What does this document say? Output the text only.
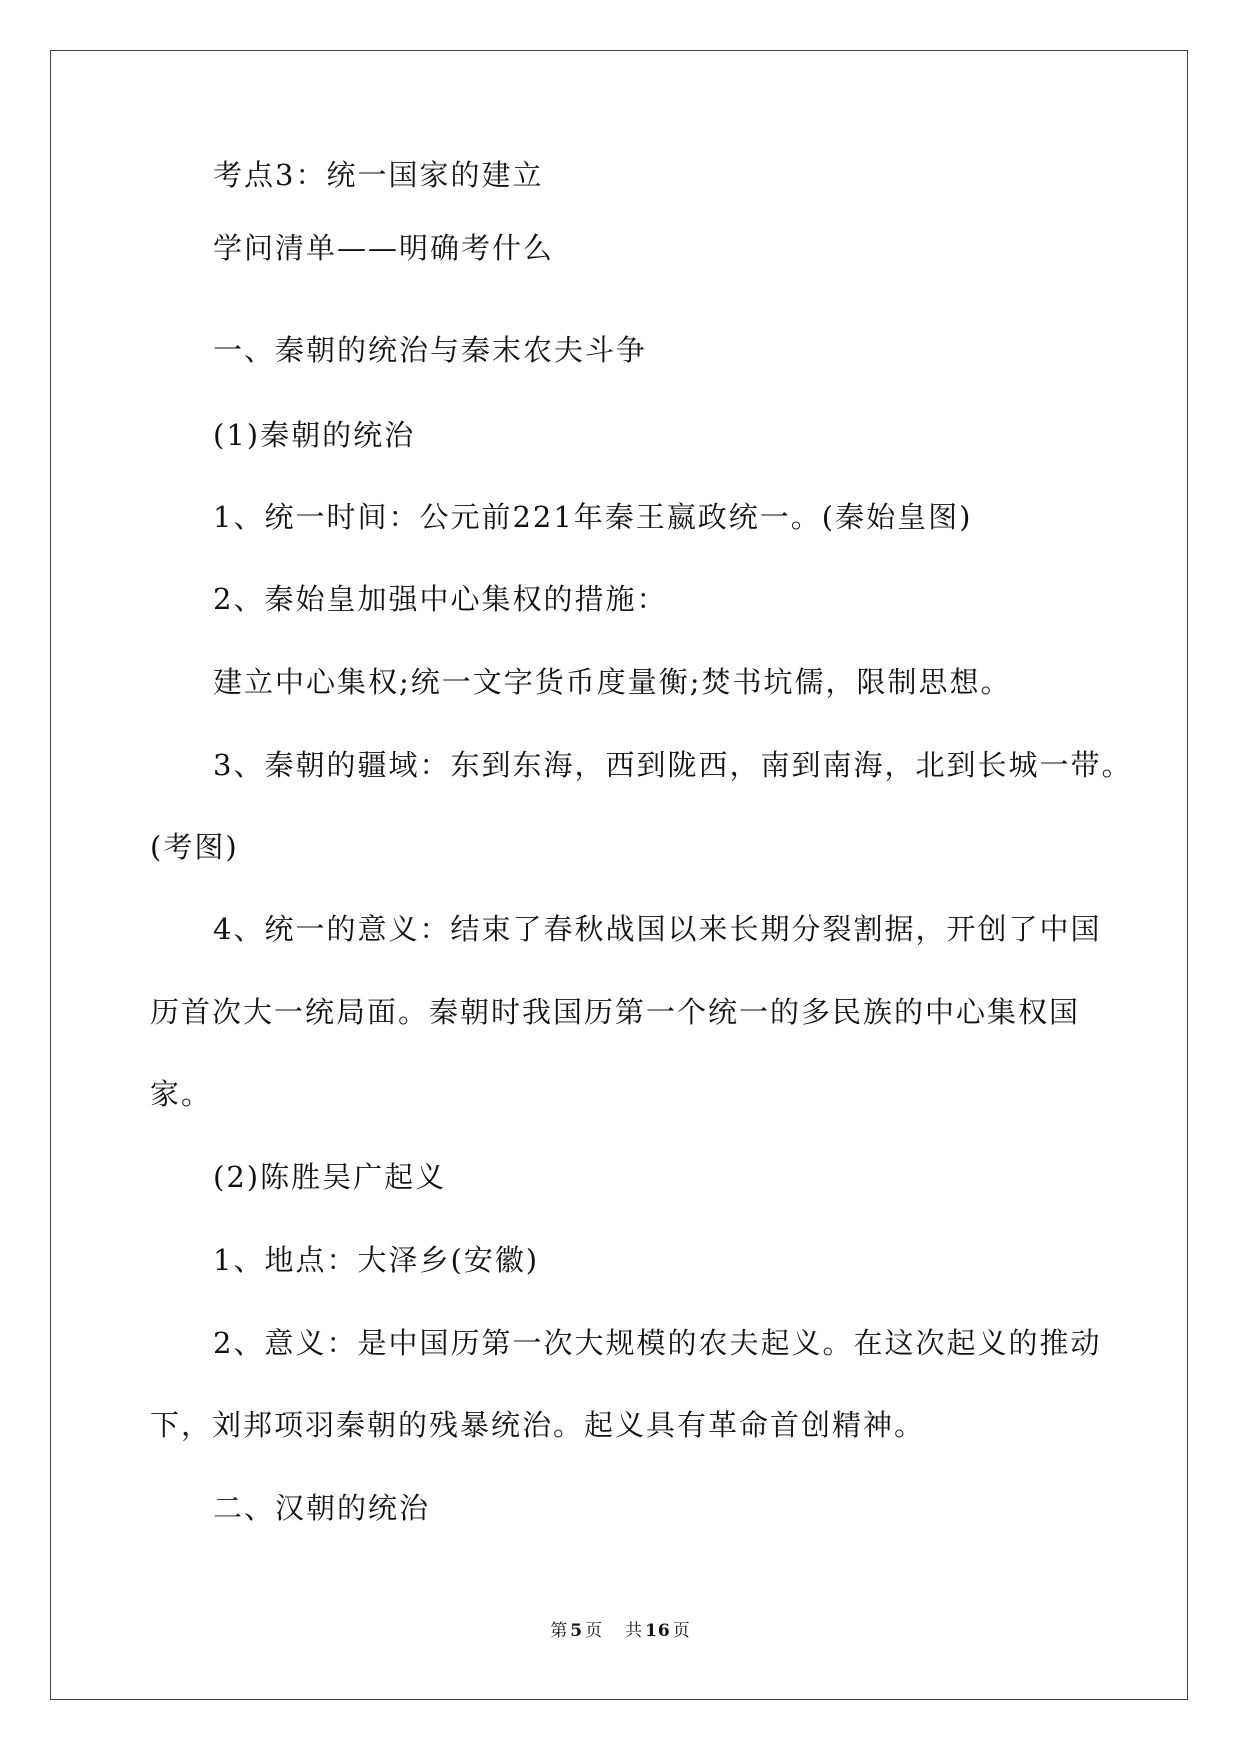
考点3：统一国家的建立
学问清单——明确考什么
一、秦朝的统治与秦末农夫斗争
(1)秦朝的统治
1、统一时间：公元前221年秦王嬴政统一。(秦始皇图)
2、秦始皇加强中心集权的措施：
建立中心集权;统一文字货币度量衡;焚书坑儒，限制思想。
3、秦朝的疆域：东到东海，西到陇西，南到南海，北到长城一带。
(考图)
4、统一的意义：结束了春秋战国以来长期分裂割据，开创了中国
历首次大一统局面。秦朝时我国历第一个统一的多民族的中心集权国
家。
(2)陈胜吴广起义
1、地点：大泽乡(安徽)
2、意义：是中国历第一次大规模的农夫起义。在这次起义的推动
下，刘邦项羽秦朝的残暴统治。起义具有革命首创精神。
二、汉朝的统治
第 5 页 共 16 页
